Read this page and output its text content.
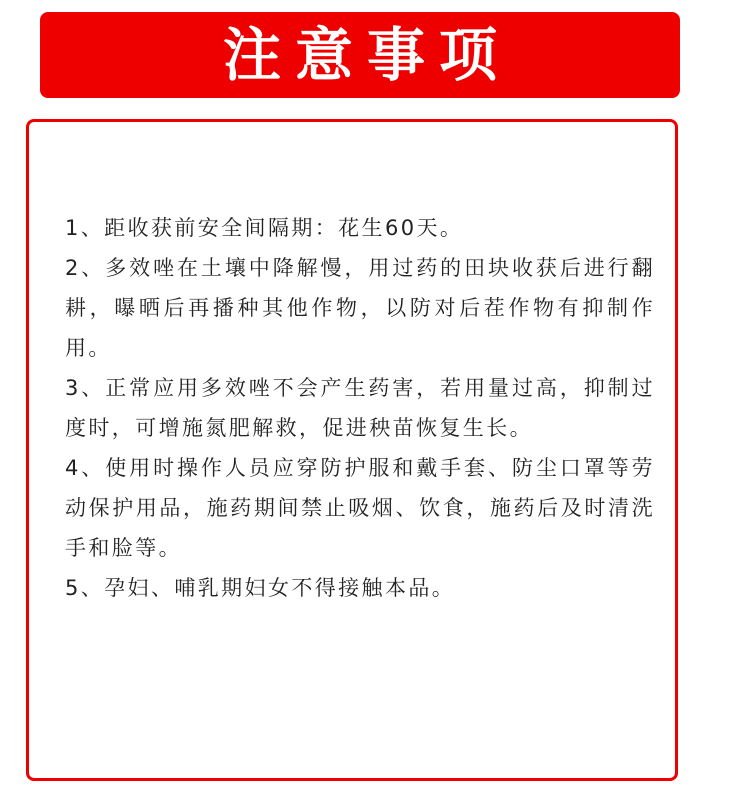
注意事项
1、距收获前安全间隔期：花生60天。
2、多效唑在土壤中降解慢，用过药的田块收获后进行翻耕，曝晒后再播种其他作物，以防对后茬作物有抑制作用。
3、正常应用多效唑不会产生药害，若用量过高，抑制过度时，可增施氮肥解救，促进秧苗恢复生长。
4、使用时操作人员应穿防护服和戴手套、防尘口罩等劳动保护用品，施药期间禁止吸烟、饮食，施药后及时清洗手和脸等。
5、孕妇、哺乳期妇女不得接触本品。
